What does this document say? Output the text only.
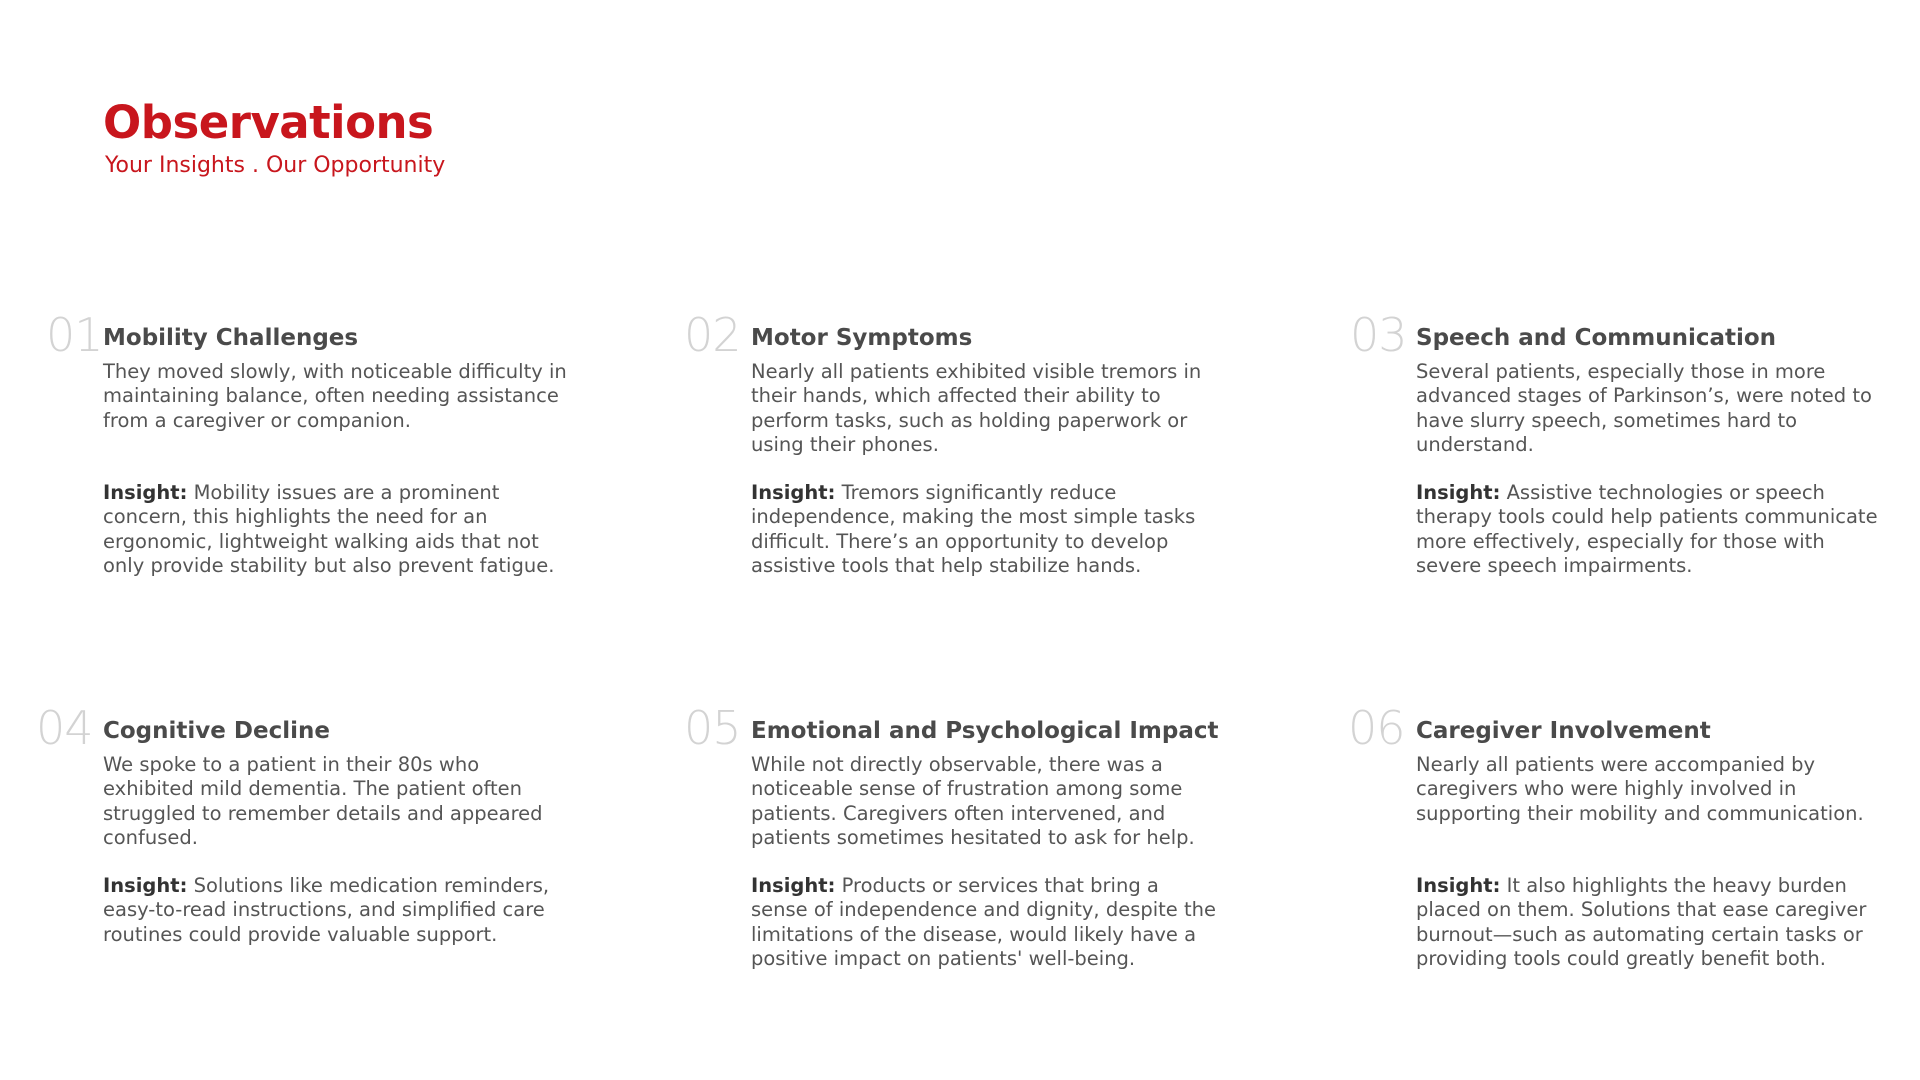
Observations
Your Insights . Our Opportunity
01 Mobility Challenges
They moved slowly, with noticeable difficulty in maintaining balance, often needing assistance from a caregiver or companion.
Insight: Mobility issues are a prominent concern, this highlights the need for an ergonomic, lightweight walking aids that not only provide stability but also prevent fatigue.
02 Motor Symptoms
Nearly all patients exhibited visible tremors in their hands, which affected their ability to perform tasks, such as holding paperwork or using their phones.
Insight: Tremors significantly reduce independence, making the most simple tasks difficult. There’s an opportunity to develop assistive tools that help stabilize hands.
03 Speech and Communication
Several patients, especially those in more advanced stages of Parkinson’s, were noted to have slurry speech, sometimes hard to understand.
Insight: Assistive technologies or speech therapy tools could help patients communicate more effectively, especially for those with severe speech impairments.
04 Cognitive Decline
We spoke to a patient in their 80s who exhibited mild dementia. The patient often struggled to remember details and appeared confused.
Insight: Solutions like medication reminders, easy-to-read instructions, and simplified care routines could provide valuable support.
05 Emotional and Psychological Impact
While not directly observable, there was a noticeable sense of frustration among some patients. Caregivers often intervened, and patients sometimes hesitated to ask for help.
Insight: Products or services that bring a sense of independence and dignity, despite the limitations of the disease, would likely have a positive impact on patients' well-being.
06 Caregiver Involvement
Nearly all patients were accompanied by caregivers who were highly involved in supporting their mobility and communication.
Insight: It also highlights the heavy burden placed on them. Solutions that ease caregiver burnout—such as automating certain tasks or providing tools could greatly benefit both.
